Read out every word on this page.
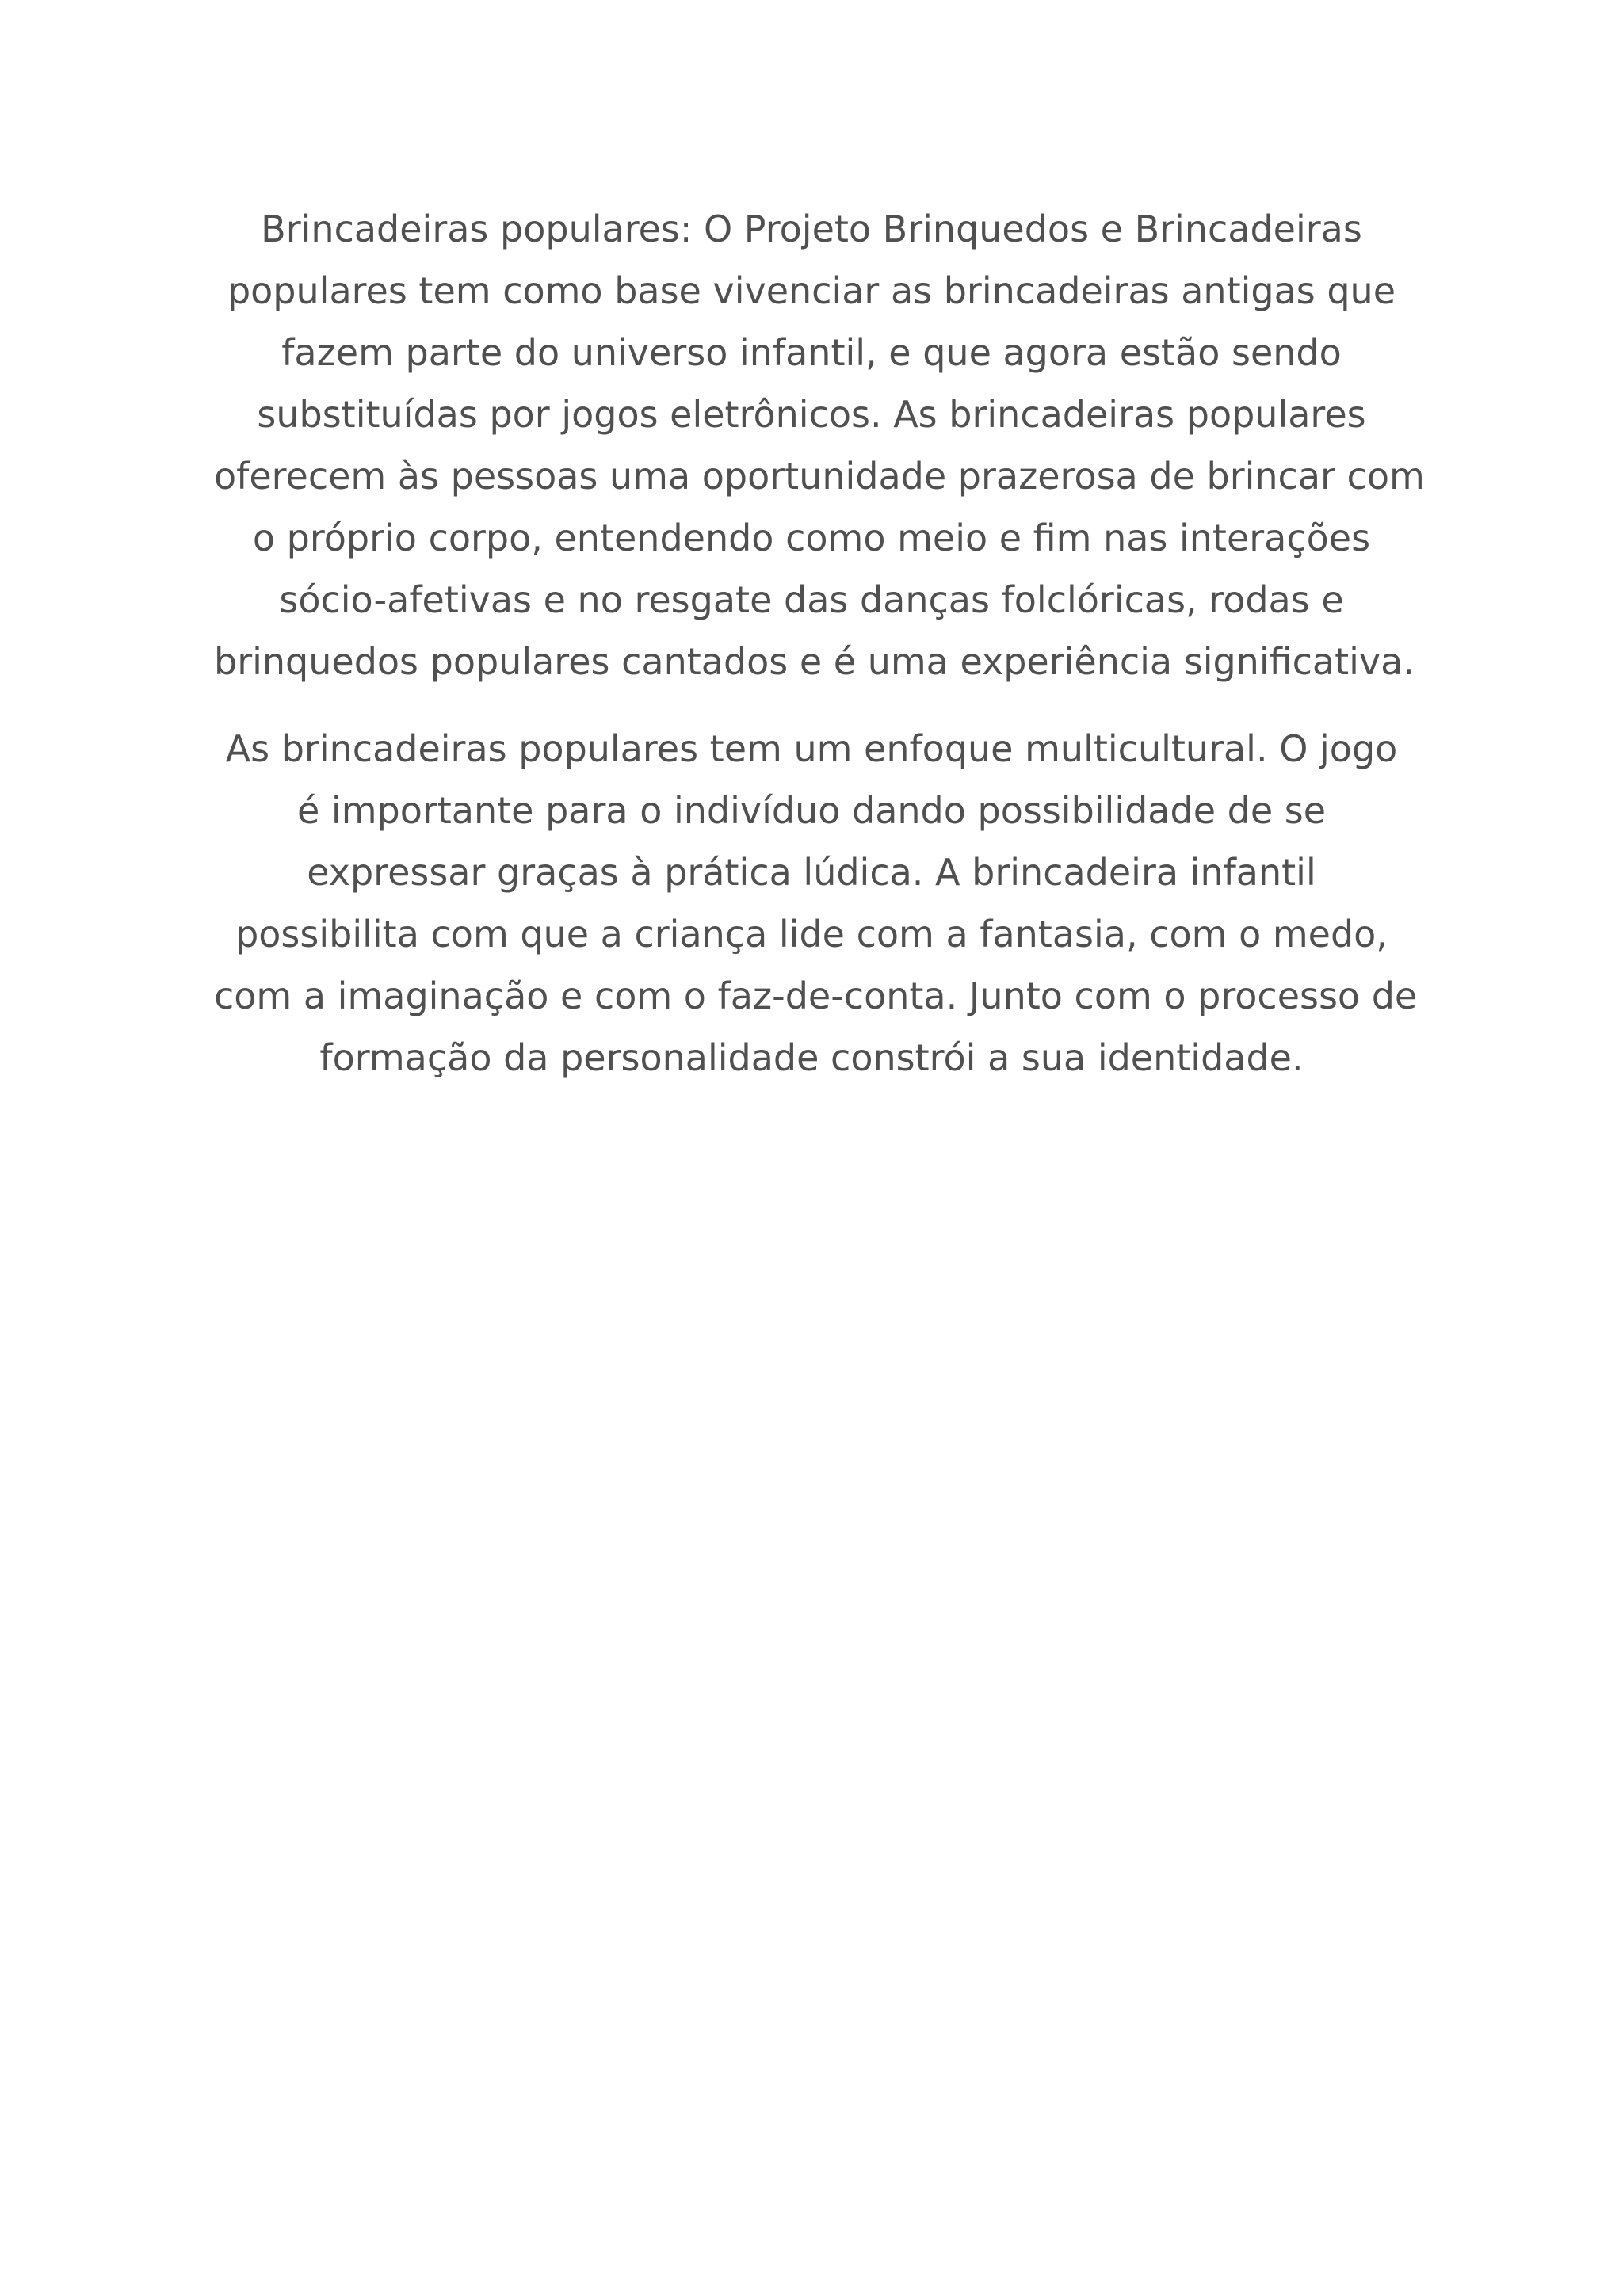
Brincadeiras populares: O Projeto Brinquedos e Brincadeiras
populares tem como base vivenciar as brincadeiras antigas que
fazem parte do universo infantil, e que agora estão sendo
substituídas por jogos eletrônicos. As brincadeiras populares
oferecem às pessoas uma oportunidade prazerosa de brincar com
o próprio corpo, entendendo como meio e fim nas interações
sócio-afetivas e no resgate das danças folclóricas, rodas e
brinquedos populares cantados e é uma experiência significativa.
As brincadeiras populares tem um enfoque multicultural. O jogo
é importante para o indivíduo dando possibilidade de se
expressar graças à prática lúdica. A brincadeira infantil
possibilita com que a criança lide com a fantasia, com o medo,
com a imaginação e com o faz-de-conta. Junto com o processo de
formação da personalidade constrói a sua identidade.
